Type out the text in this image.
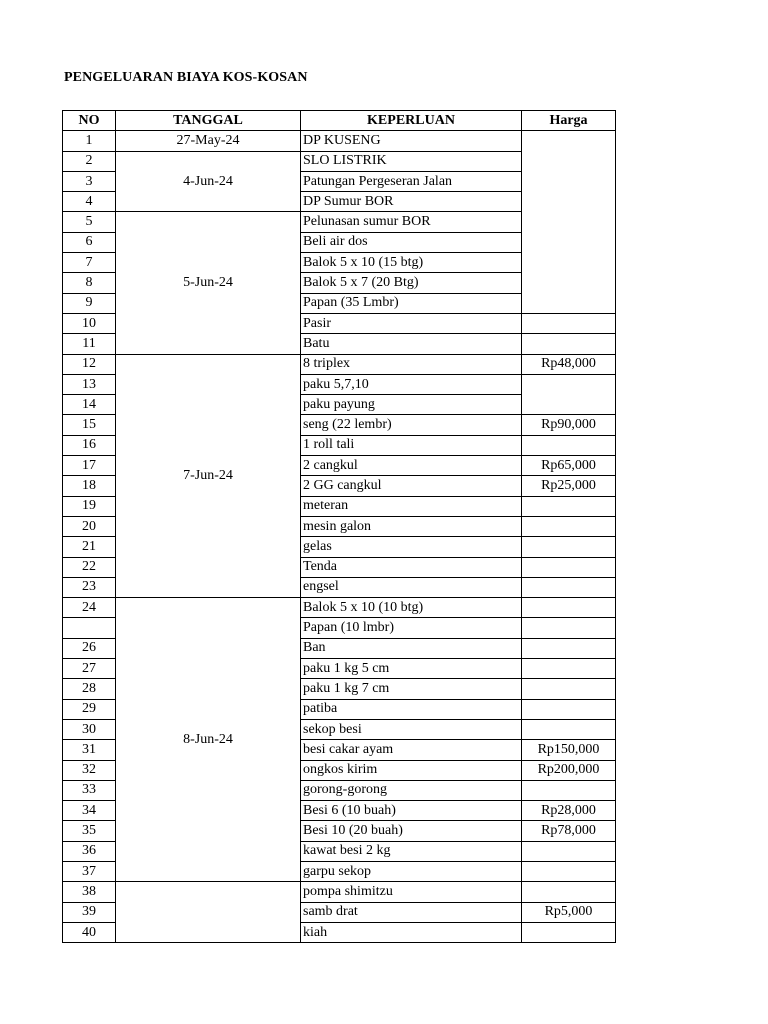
PENGELUARAN BIAYA KOS-KOSAN
NO	TANGGAL	KEPERLUAN	Harga
1	27-May-24	DP KUSENG	
2	4-Jun-24	SLO LISTRIK	
3		Patungan Pergeseran Jalan	
4		DP Sumur BOR	
5	5-Jun-24	Pelunasan sumur BOR	
6		Beli air dos	
7		Balok 5 x 10 (15 btg)	
8		Balok 5 x 7 (20 Btg)	
9		Papan (35 Lmbr)	
10		Pasir	
11		Batu	
12	7-Jun-24	8 triplex	Rp48,000
13		paku 5,7,10	
14		paku payung	
15		seng (22 lembr)	Rp90,000
16		1 roll tali	
17		2 cangkul	Rp65,000
18		2 GG cangkul	Rp25,000
19		meteran	
20		mesin galon	
21		gelas	
22		Tenda	
23		engsel	
24	8-Jun-24	Balok 5 x 10 (10 btg)	
		Papan (10 lmbr)	
26		Ban	
27		paku 1 kg 5 cm	
28		paku 1 kg 7 cm	
29		patiba	
30		sekop besi	
31		besi cakar ayam	Rp150,000
32		ongkos kirim	Rp200,000
33		gorong-gorong	
34		Besi 6 (10 buah)	Rp28,000
35		Besi 10 (20 buah)	Rp78,000
36		kawat besi 2 kg	
37		garpu sekop	
38		pompa shimitzu	
39		samb drat	Rp5,000
40		kiah	
